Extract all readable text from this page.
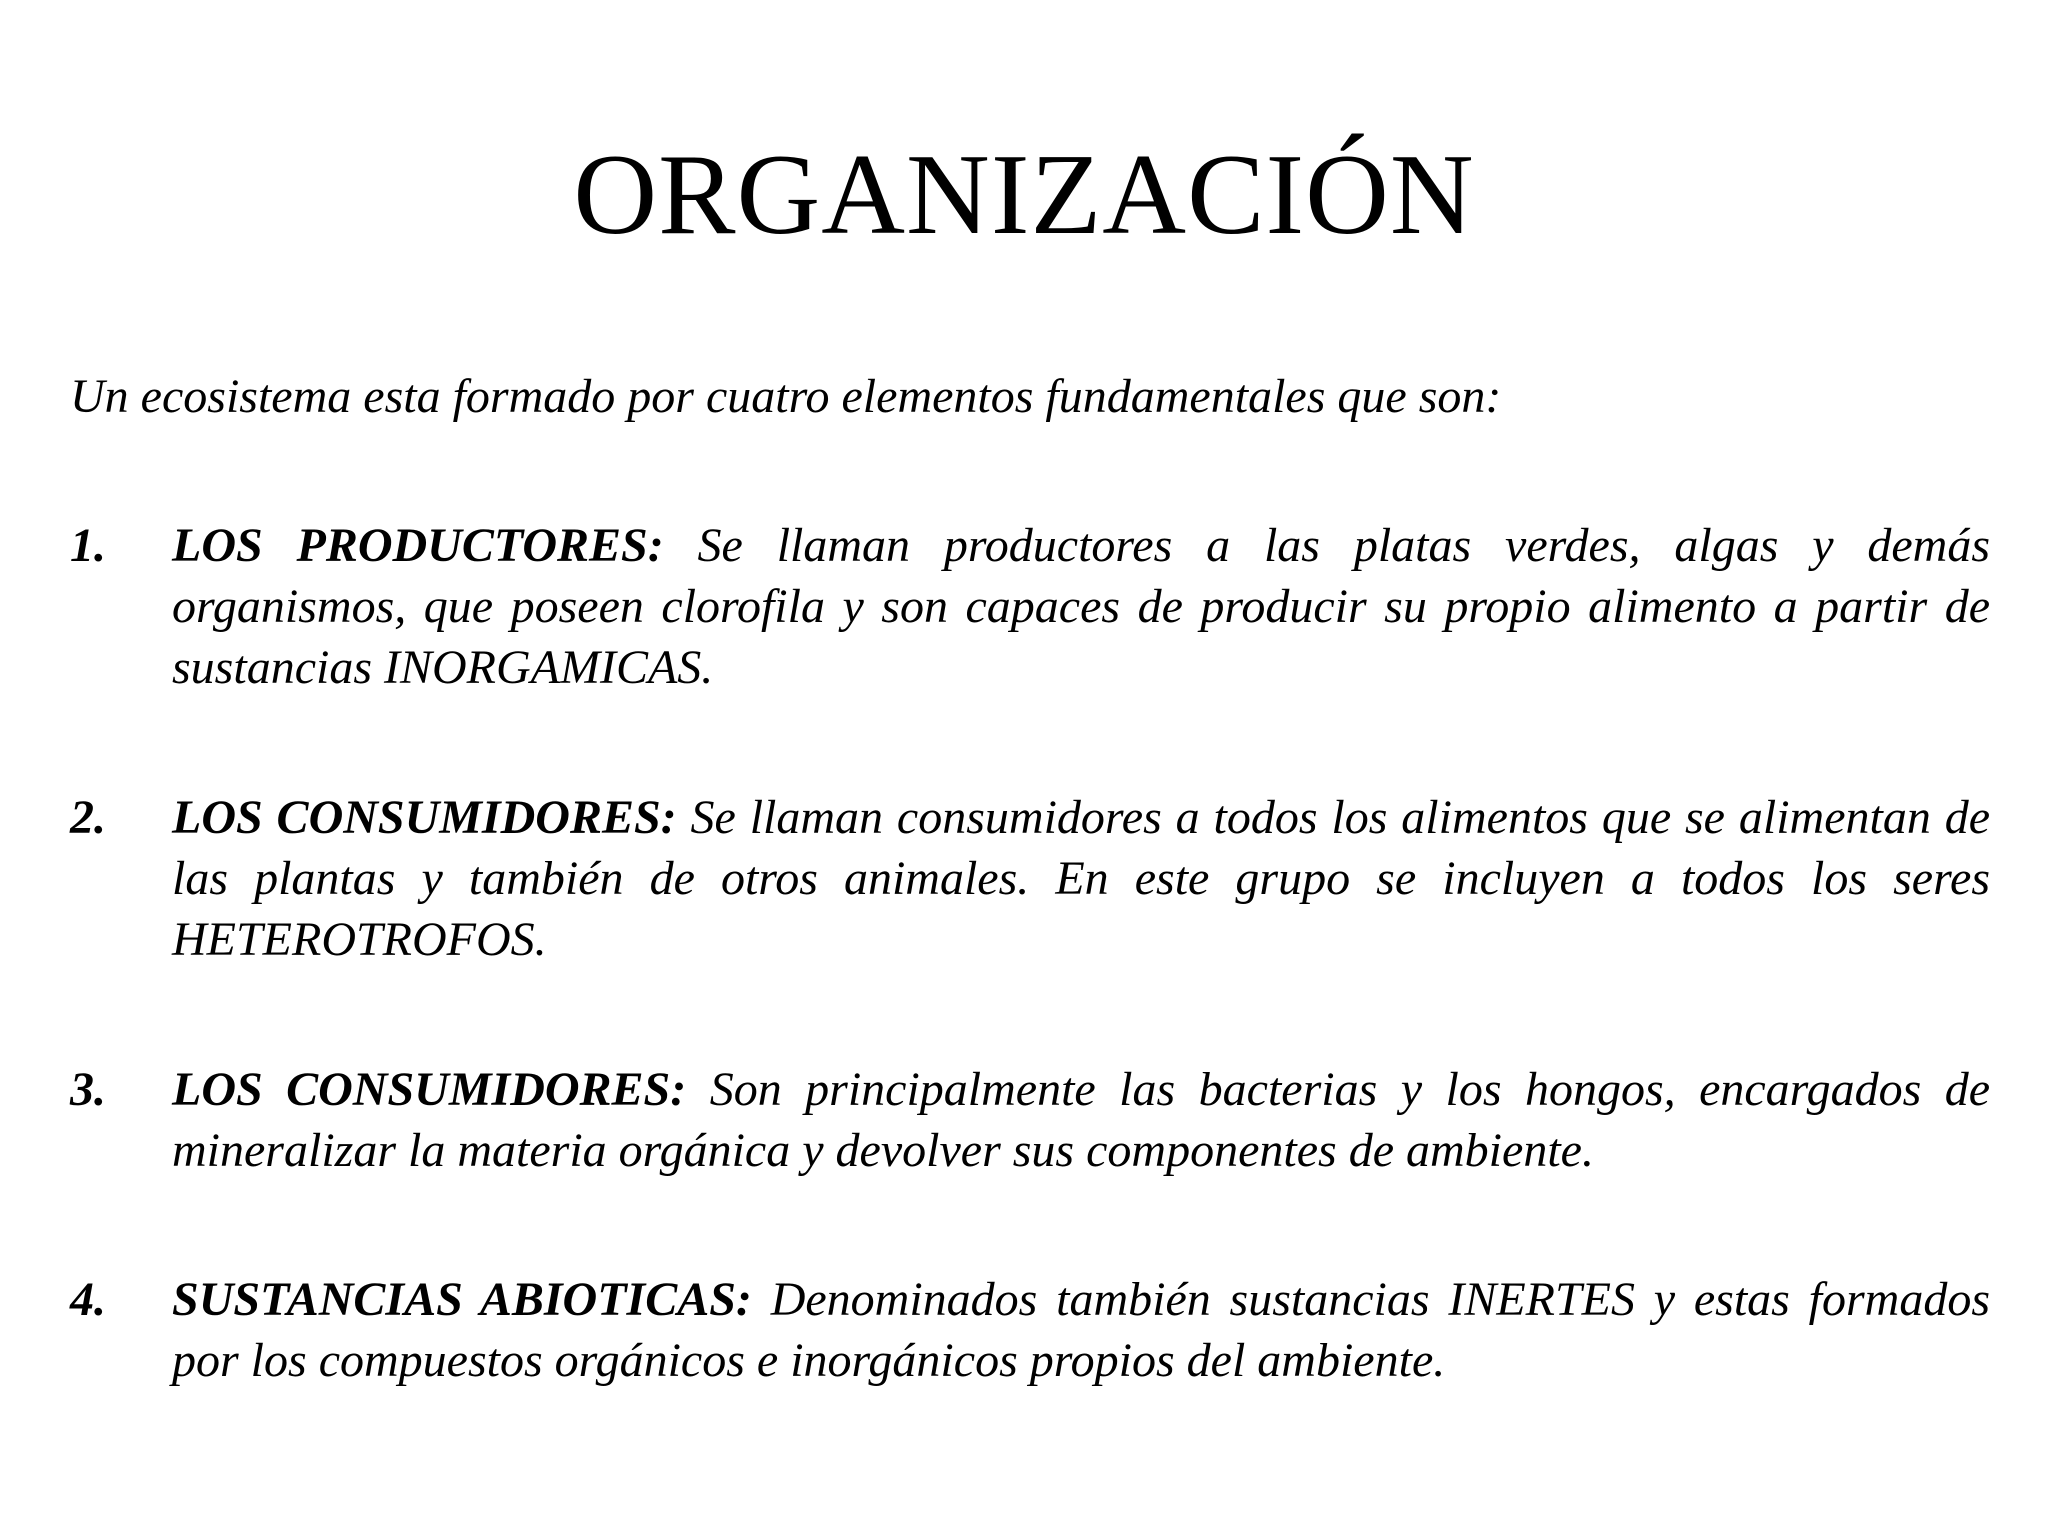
ORGANIZACIÓN

Un ecosistema esta formado por cuatro elementos fundamentales que son:

1. LOS PRODUCTORES: Se llaman productores a las platas verdes, algas y demás organismos, que poseen clorofila y son capaces de producir su propio alimento a partir de sustancias INORGAMICAS.
2. LOS CONSUMIDORES: Se llaman consumidores a todos los alimentos que se alimentan de las plantas y también de otros animales. En este grupo se incluyen a todos los seres HETEROTROFOS.
3. LOS CONSUMIDORES: Son principalmente las bacterias y los hongos, encargados de mineralizar la materia orgánica y devolver sus componentes de ambiente.
4. SUSTANCIAS ABIOTICAS: Denominados también sustancias INERTES y estas formados por los compuestos orgánicos e inorgánicos propios del ambiente.
